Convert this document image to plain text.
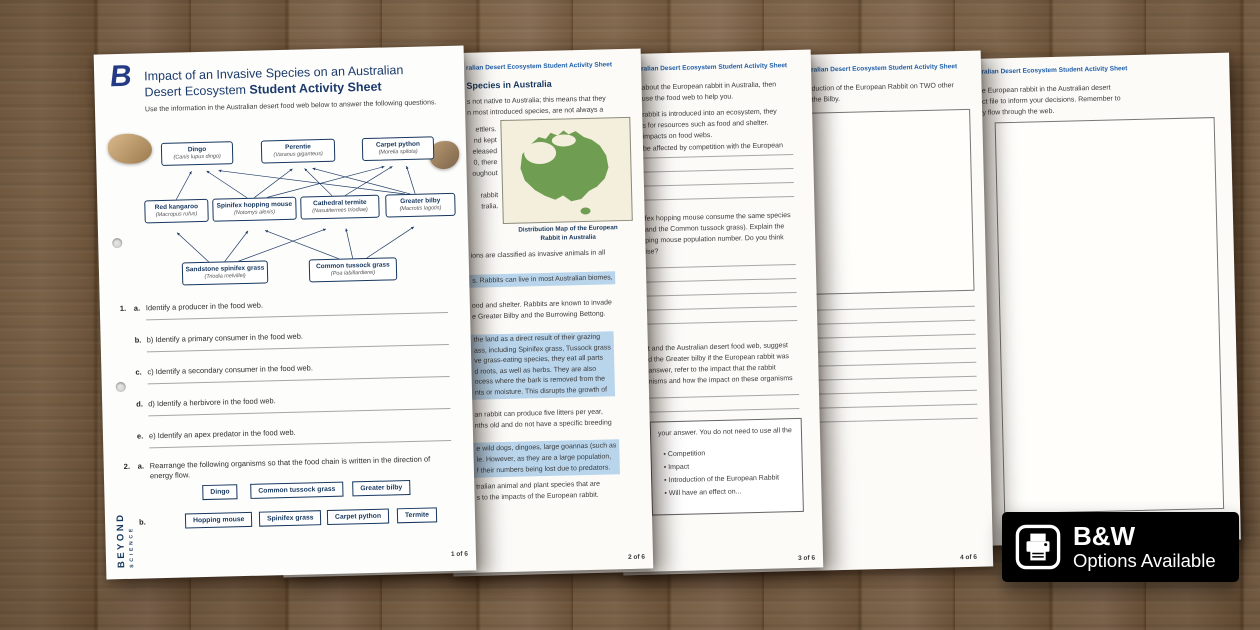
ralian Desert Ecosystem Student Activity Sheet
e European rabbit in the Australian desert
ct file to inform your decisions. Remember to
y flow through the web.
ralian Desert Ecosystem Student Activity Sheet
duction of the European Rabbit on TWO other
the Bilby.
4 of 6
ralian Desert Ecosystem Student Activity Sheet
about the European rabbit in Australia, then
use the food web to help you.
rabbit is introduced into an ecosystem, they
s for resources such as food and shelter.
impacts on food webs.
be affected by competition with the European
fex hopping mouse consume the same species
and the Common tussock grass). Explain the
ping mouse population number. Do you think
ise?
t and the Australian desert food web, suggest
d the Greater bilby if the European rabbit was
answer, refer to the impact that the rabbit
nisms and how the impact on these organisms
your answer. You do not need to use all the
• Competition
• Impact
• Introduction of the European Rabbit
• Will have an effect on...
3 of 6
ralian Desert Ecosystem Student Activity Sheet
Species in Australia
s not native to Australia; this means that they
n most introduced species, are not always a
ettlers.
nd kept
eleased
0, there
oughout

rabbit
tralia.
Distribution Map of the European
Rabbit in Australia
ions are classified as invasive animals in all
s. Rabbits can live in most Australian biomes,
ood and shelter. Rabbits are known to invade
e Greater Bilby and the Burrowing Bettong.
the land as a direct result of their grazing
ass, including Spinifex grass, Tussock grass
ve grass-eating species, they eat all parts
d roots, as well as herbs. They are also
ocess where the bark is removed from the
nts or moisture. This disrupts the growth of
an rabbit can produce five litters per year,
nths old and do not have a specific breeding
e wild dogs, dingoes, large goannas (such as
le. However, as they are a large population,
f their numbers being lost due to predators.
tralian animal and plant species that are
s to the impacts of the European rabbit.
2 of 6
B Impact of an Invasive Species on an Australian
Desert Ecosystem Student Activity Sheet
Use the information in the Australian desert food web below to answer the following questions.
Dingo
(Canis lupus dingo)
Perentie
(Varanus giganteus)
Carpet python
(Morelia spilota)
Red kangaroo
(Macropus rufus)
Spinifex hopping mouse
(Notomys alexis)
Cathedral termite
(Nasutitermes triodiae)
Greater bilby
(Macrotis lagotis)
Sandstone spinifex grass
(Triodia melvillei)
Common tussock grass
(Poa labillardierei)
1. a. Identify a producer in the food web.
b. b) Identify a primary consumer in the food web.
c. c) Identify a secondary consumer in the food web.
d. d) Identify a herbivore in the food web.
e. e) Identify an apex predator in the food web.
2. a. Rearrange the following organisms so that the food chain is written in the direction of energy flow.
Dingo	Common tussock grass	Greater bilby
b.	Hopping mouse	Spinifex grass	Carpet python	Termite
BEYOND SCIENCE	1 of 6
B&W
Options Available
